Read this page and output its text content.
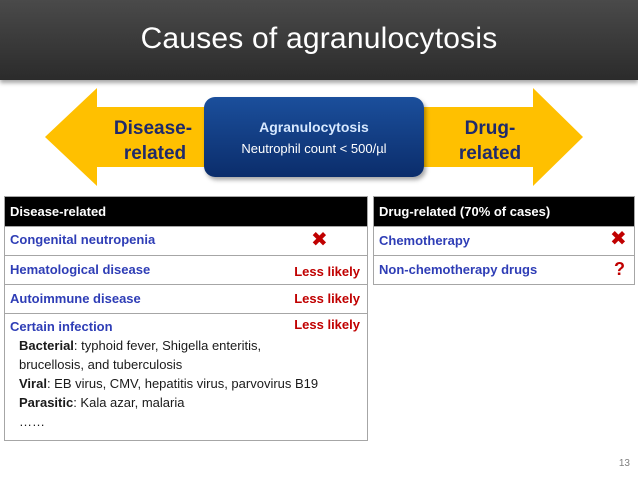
Causes of agranulocytosis
Disease-
related
Drug-
related
Agranulocytosis
Neutrophil count < 500/µl
Disease-related
Congenital neutropenia	✖
Hematological disease	Less likely
Autoimmune disease	Less likely
Certain infection	Less likely
Bacterial: typhoid fever, Shigella enteritis,
brucellosis, and tuberculosis
Viral: EB virus, CMV, hepatitis virus, parvovirus B19
Parasitic: Kala azar, malaria
……
Drug-related (70% of cases)
Chemotherapy	✖
Non-chemotherapy drugs	?
13
